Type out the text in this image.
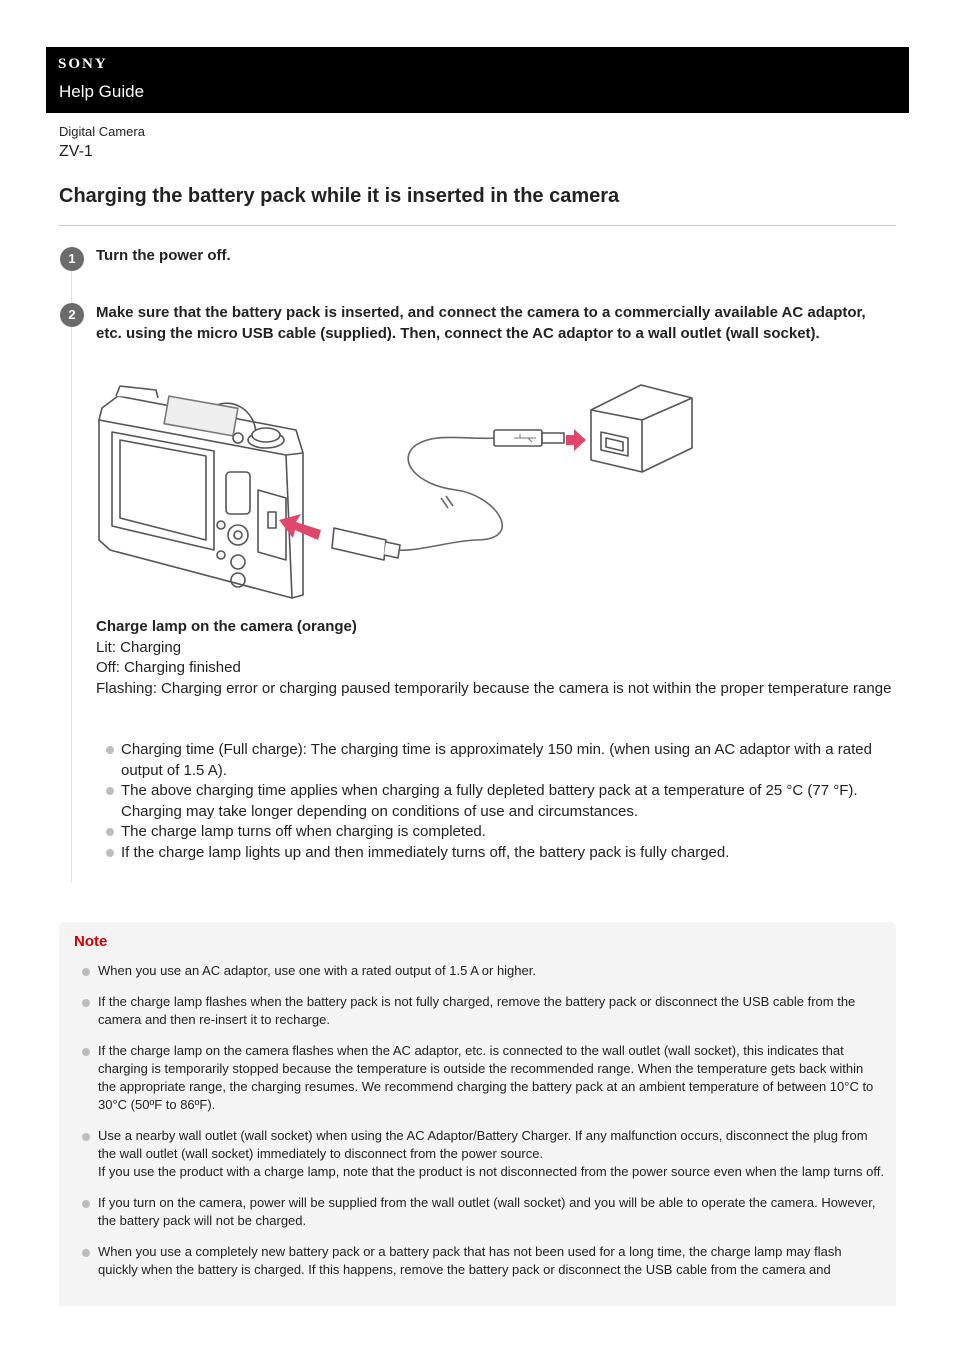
SONY
Help Guide
Digital Camera
ZV-1
Charging the battery pack while it is inserted in the camera
1	Turn the power off.
2	Make sure that the battery pack is inserted, and connect the camera to a commercially available AC adaptor, etc. using the micro USB cable (supplied). Then, connect the AC adaptor to a wall outlet (wall socket).
Charge lamp on the camera (orange)
Lit: Charging
Off: Charging finished
Flashing: Charging error or charging paused temporarily because the camera is not within the proper temperature range
Charging time (Full charge): The charging time is approximately 150 min. (when using an AC adaptor with a rated output of 1.5 A).
The above charging time applies when charging a fully depleted battery pack at a temperature of 25 °C (77 °F). Charging may take longer depending on conditions of use and circumstances.
The charge lamp turns off when charging is completed.
If the charge lamp lights up and then immediately turns off, the battery pack is fully charged.
Note
When you use an AC adaptor, use one with a rated output of 1.5 A or higher.
If the charge lamp flashes when the battery pack is not fully charged, remove the battery pack or disconnect the USB cable from the camera and then re-insert it to recharge.
If the charge lamp on the camera flashes when the AC adaptor, etc. is connected to the wall outlet (wall socket), this indicates that charging is temporarily stopped because the temperature is outside the recommended range. When the temperature gets back within the appropriate range, the charging resumes. We recommend charging the battery pack at an ambient temperature of between 10°C to 30°C (50ºF to 86ºF).
Use a nearby wall outlet (wall socket) when using the AC Adaptor/Battery Charger. If any malfunction occurs, disconnect the plug from the wall outlet (wall socket) immediately to disconnect from the power source.
If you use the product with a charge lamp, note that the product is not disconnected from the power source even when the lamp turns off.
If you turn on the camera, power will be supplied from the wall outlet (wall socket) and you will be able to operate the camera. However, the battery pack will not be charged.
When you use a completely new battery pack or a battery pack that has not been used for a long time, the charge lamp may flash quickly when the battery is charged. If this happens, remove the battery pack or disconnect the USB cable from the camera and
